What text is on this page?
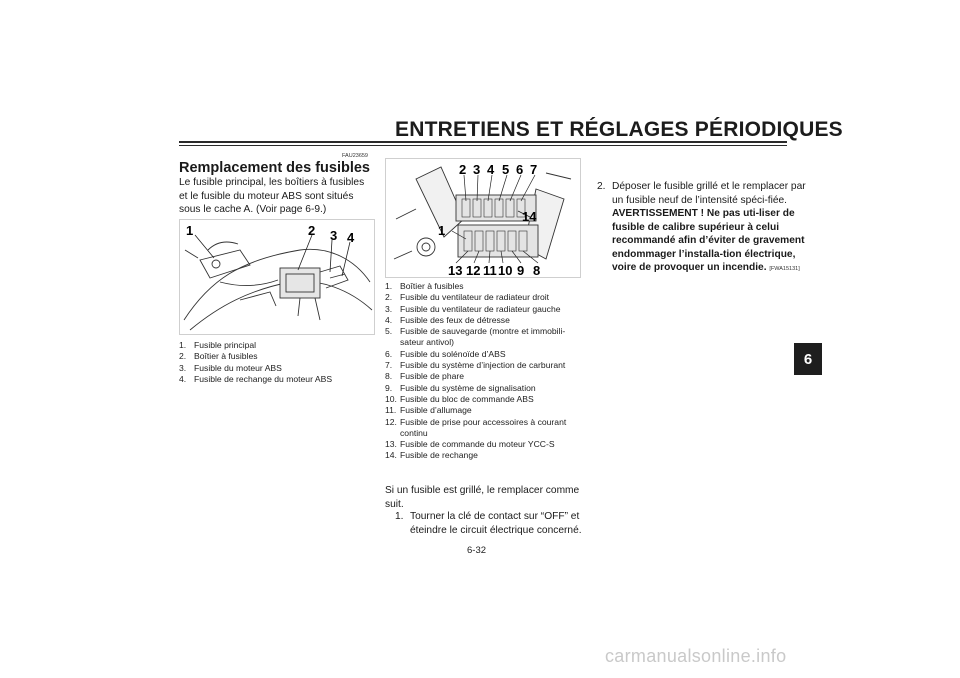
ENTRETIENS ET RÉGLAGES PÉRIODIQUES
6
FAU23659
Remplacement des fusibles
Le fusible principal, les boîtiers à fusibles et le fusible du moteur ABS sont situés sous le cache A. (Voir page 6-9.)
1	2 3 4
1. Fusible principal
2. Boîtier à fusibles
3. Fusible du moteur ABS
4. Fusible de rechange du moteur ABS
2 3 4 5 6 7
14
1
13 12 11 10 9 8
1. Boîtier à fusibles
2. Fusible du ventilateur de radiateur droit
3. Fusible du ventilateur de radiateur gauche
4. Fusible des feux de détresse
5. Fusible de sauvegarde (montre et immobili-sateur antivol)
6. Fusible du solénoïde d’ABS
7. Fusible du système d’injection de carburant
8. Fusible de phare
9. Fusible du système de signalisation
10. Fusible du bloc de commande ABS
11. Fusible d’allumage
12. Fusible de prise pour accessoires à courant continu
13. Fusible de commande du moteur YCC-S
14. Fusible de rechange
Si un fusible est grillé, le remplacer comme suit.
1. Tourner la clé de contact sur “OFF” et éteindre le circuit électrique concerné.
2. Déposer le fusible grillé et le remplacer par un fusible neuf de l’intensité spéci-fiée. AVERTISSEMENT ! Ne pas uti-liser de fusible de calibre supérieur à celui recommandé afin d’éviter de gravement endommager l’installa-tion électrique, voire de provoquer un incendie. [FWA15131]
6-32
carmanualsonline.info
